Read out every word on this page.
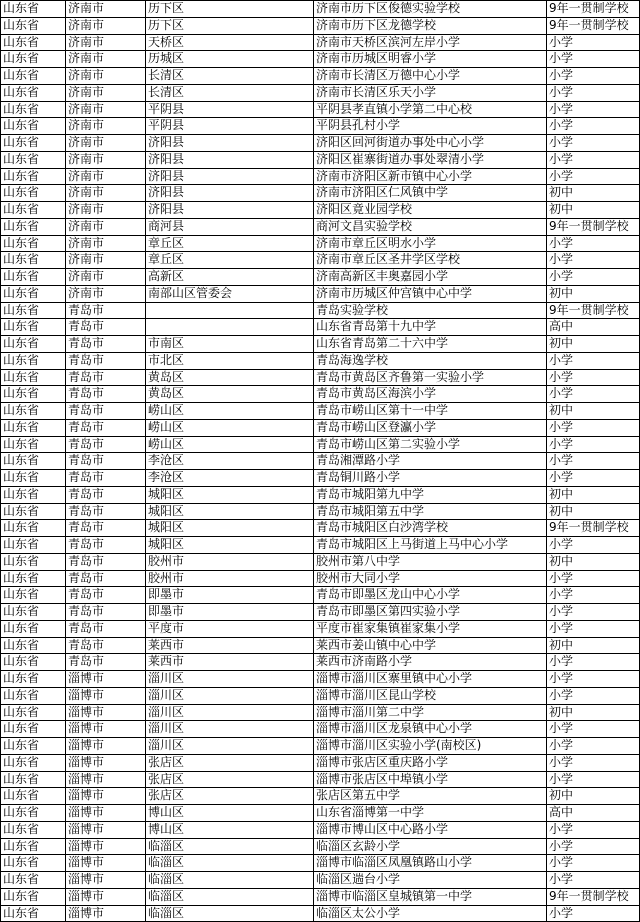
山东省	济南市	历下区	济南市历下区俊德实验学校	9年一贯制学校
山东省	济南市	历下区	济南市历下区龙德学校	9年一贯制学校
山东省	济南市	天桥区	济南市天桥区滨河左岸小学	小学
山东省	济南市	历城区	济南市历城区明睿小学	小学
山东省	济南市	长清区	济南市长清区万德中心小学	小学
山东省	济南市	长清区	济南市长清区乐天小学	小学
山东省	济南市	平阴县	平阴县孝直镇小学第二中心校	小学
山东省	济南市	平阴县	平阴县孔村小学	小学
山东省	济南市	济阳县	济阳区回河街道办事处中心小学	小学
山东省	济南市	济阳县	济阳区崔寨街道办事处翠清小学	小学
山东省	济南市	济阳县	济南市济阳区新市镇中心小学	小学
山东省	济南市	济阳县	济南市济阳区仁风镇中学	初中
山东省	济南市	济阳县	济阳区竟业园学校	初中
山东省	济南市	商河县	商河文昌实验学校	9年一贯制学校
山东省	济南市	章丘区	济南市章丘区明水小学	小学
山东省	济南市	章丘区	济南市章丘区圣井学区学校	小学
山东省	济南市	高新区	济南高新区丰奥嘉园小学	小学
山东省	济南市	南部山区管委会	济南市历城区仲宫镇中心中学	初中
山东省	青岛市		青岛实验学校	9年一贯制学校
山东省	青岛市		山东省青岛第十九中学	高中
山东省	青岛市	市南区	山东省青岛第二十六中学	初中
山东省	青岛市	市北区	青岛海逸学校	小学
山东省	青岛市	黄岛区	青岛市黄岛区齐鲁第一实验小学	小学
山东省	青岛市	黄岛区	青岛市黄岛区海滨小学	小学
山东省	青岛市	崂山区	青岛市崂山区第十一中学	初中
山东省	青岛市	崂山区	青岛市崂山区登瀛小学	小学
山东省	青岛市	崂山区	青岛市崂山区第二实验小学	小学
山东省	青岛市	李沧区	青岛湘潭路小学	小学
山东省	青岛市	李沧区	青岛铜川路小学	小学
山东省	青岛市	城阳区	青岛市城阳第九中学	初中
山东省	青岛市	城阳区	青岛市城阳第五中学	初中
山东省	青岛市	城阳区	青岛市城阳区白沙湾学校	9年一贯制学校
山东省	青岛市	城阳区	青岛市城阳区上马街道上马中心小学	小学
山东省	青岛市	胶州市	胶州市第八中学	初中
山东省	青岛市	胶州市	胶州市大同小学	小学
山东省	青岛市	即墨市	青岛市即墨区龙山中心小学	小学
山东省	青岛市	即墨市	青岛市即墨区第四实验小学	小学
山东省	青岛市	平度市	平度市崔家集镇崔家集小学	小学
山东省	青岛市	莱西市	莱西市姜山镇中心中学	初中
山东省	青岛市	莱西市	莱西市济南路小学	小学
山东省	淄博市	淄川区	淄博市淄川区寨里镇中心小学	小学
山东省	淄博市	淄川区	淄博市淄川区昆山学校	小学
山东省	淄博市	淄川区	淄博市淄川第二中学	初中
山东省	淄博市	淄川区	淄博市淄川区龙泉镇中心小学	小学
山东省	淄博市	淄川区	淄博市淄川区实验小学(南校区)	小学
山东省	淄博市	张店区	淄博市张店区重庆路小学	小学
山东省	淄博市	张店区	淄博市张店区中埠镇小学	小学
山东省	淄博市	张店区	张店区第五中学	初中
山东省	淄博市	博山区	山东省淄博第一中学	高中
山东省	淄博市	博山区	淄博市博山区中心路小学	小学
山东省	淄博市	临淄区	临淄区玄龄小学	小学
山东省	淄博市	临淄区	淄博市临淄区凤凰镇路山小学	小学
山东省	淄博市	临淄区	临淄区遄台小学	小学
山东省	淄博市	临淄区	淄博市临淄区皇城镇第一中学	9年一贯制学校
山东省	淄博市	临淄区	临淄区太公小学	小学
